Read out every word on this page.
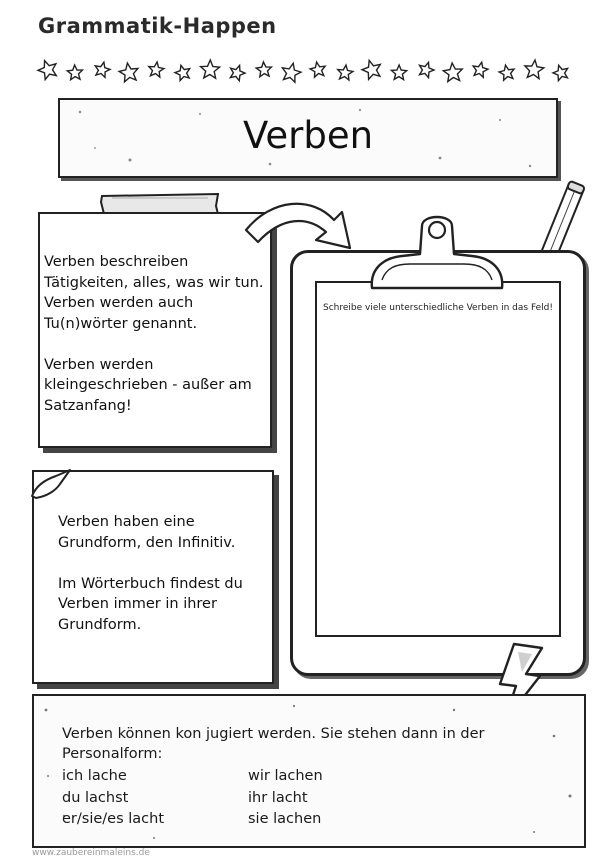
Grammatik-Happen
Verben
Verben beschreiben
Tätigkeiten, alles, was wir tun.
Verben werden auch
Tu(n)wörter genannt.

Verben werden
kleingeschrieben - außer am
Satzanfang!
Schreibe viele unterschiedliche Verben in das Feld!
Verben haben eine
Grundform, den Infinitiv.

Im Wörterbuch findest du
Verben immer in ihrer
Grundform.
Verben können kon jugiert werden. Sie stehen dann in der Personalform:
ich lache
du lachst
er/sie/es lacht
wir lachen
ihr lacht
sie lachen
www.zaubereinmaleins.de
